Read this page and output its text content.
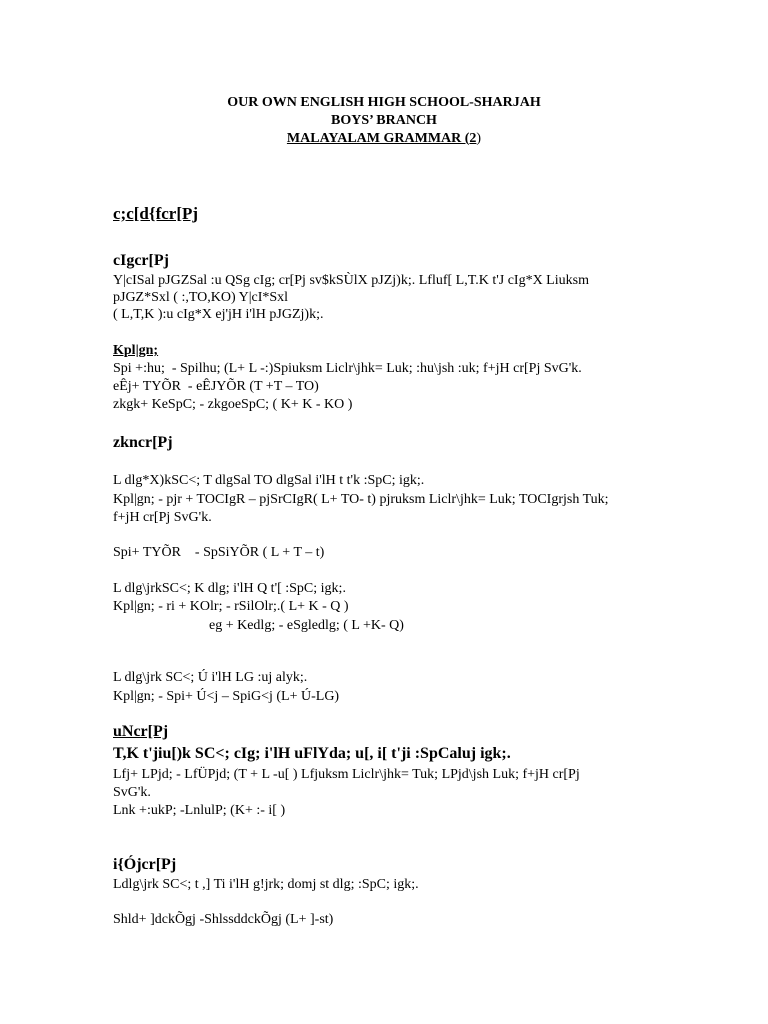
OUR OWN ENGLISH HIGH SCHOOL-SHARJAH
BOYS’ BRANCH
MALAYALAM GRAMMAR (2)
c;c[d{fcr[Pj
cIgcr[Pj
Y|cISal pJGZSal :u QSg cIg; cr[Pj sv$kSÙlX pJZj)k;. Lfluf[ L,T.K t'J cIg*X Liuksm
pJGZ*Sxl ( :,TO,KO) Y|cI*Sxl
( L,T,K ):u cIg*X ej'jH i'lH pJGZj)k;.
Kpl|gn;
Spi +:hu;  - Spilhu; (L+ L -:)Spiuksm Liclr\jhk= Luk; :hu\jsh :uk; f+jH cr[Pj SvG'k.
eÊj+ TYÕR  - eÊJYÕR (T +T – TO)
zkgk+ KeSpC; - zkgoeSpC; ( K+ K - KO )
zkncr[Pj
L dlg*X)kSC<; T dlgSal TO dlgSal i'lH t t'k :SpC; igk;.
Kpl|gn; - pjr + TOCIgR – pjSrCIgR( L+ TO- t) pjruksm Liclr\jhk= Luk; TOCIgrjsh Tuk;
f+jH cr[Pj SvG'k.
Spi+ TYÕR    - SpSiYÕR ( L + T – t)
L dlg\jrkSC<; K dlg; i'lH Q t'[ :SpC; igk;.
Kpl|gn; - ri + KOlr; - rSilOlr;.( L+ K - Q )
eg + Kedlg; - eSgledlg; ( L +K- Q)
L dlg\jrk SC<; Ú i'lH LG :uj alyk;.
Kpl|gn; - Spi+ Ú<j – SpiG<j (L+ Ú-LG)
uNcr[Pj
T,K t'jiu[)k SC<; cIg; i'lH uFlYda; u[, i[ t'ji :SpCaluj igk;.
Lfj+ LPjd; - LfÜPjd; (T + L -u[ ) Lfjuksm Liclr\jhk= Tuk; LPjd\jsh Luk; f+jH cr[Pj
SvG'k.
Lnk +:ukP; -LnlulP; (K+ :- i[ )
i{Ójcr[Pj
Ldlg\jrk SC<; t ,] Ti i'lH g!jrk; domj st dlg; :SpC; igk;.
Shld+ ]dckÕgj -ShlssddckÕgj (L+ ]-st)
